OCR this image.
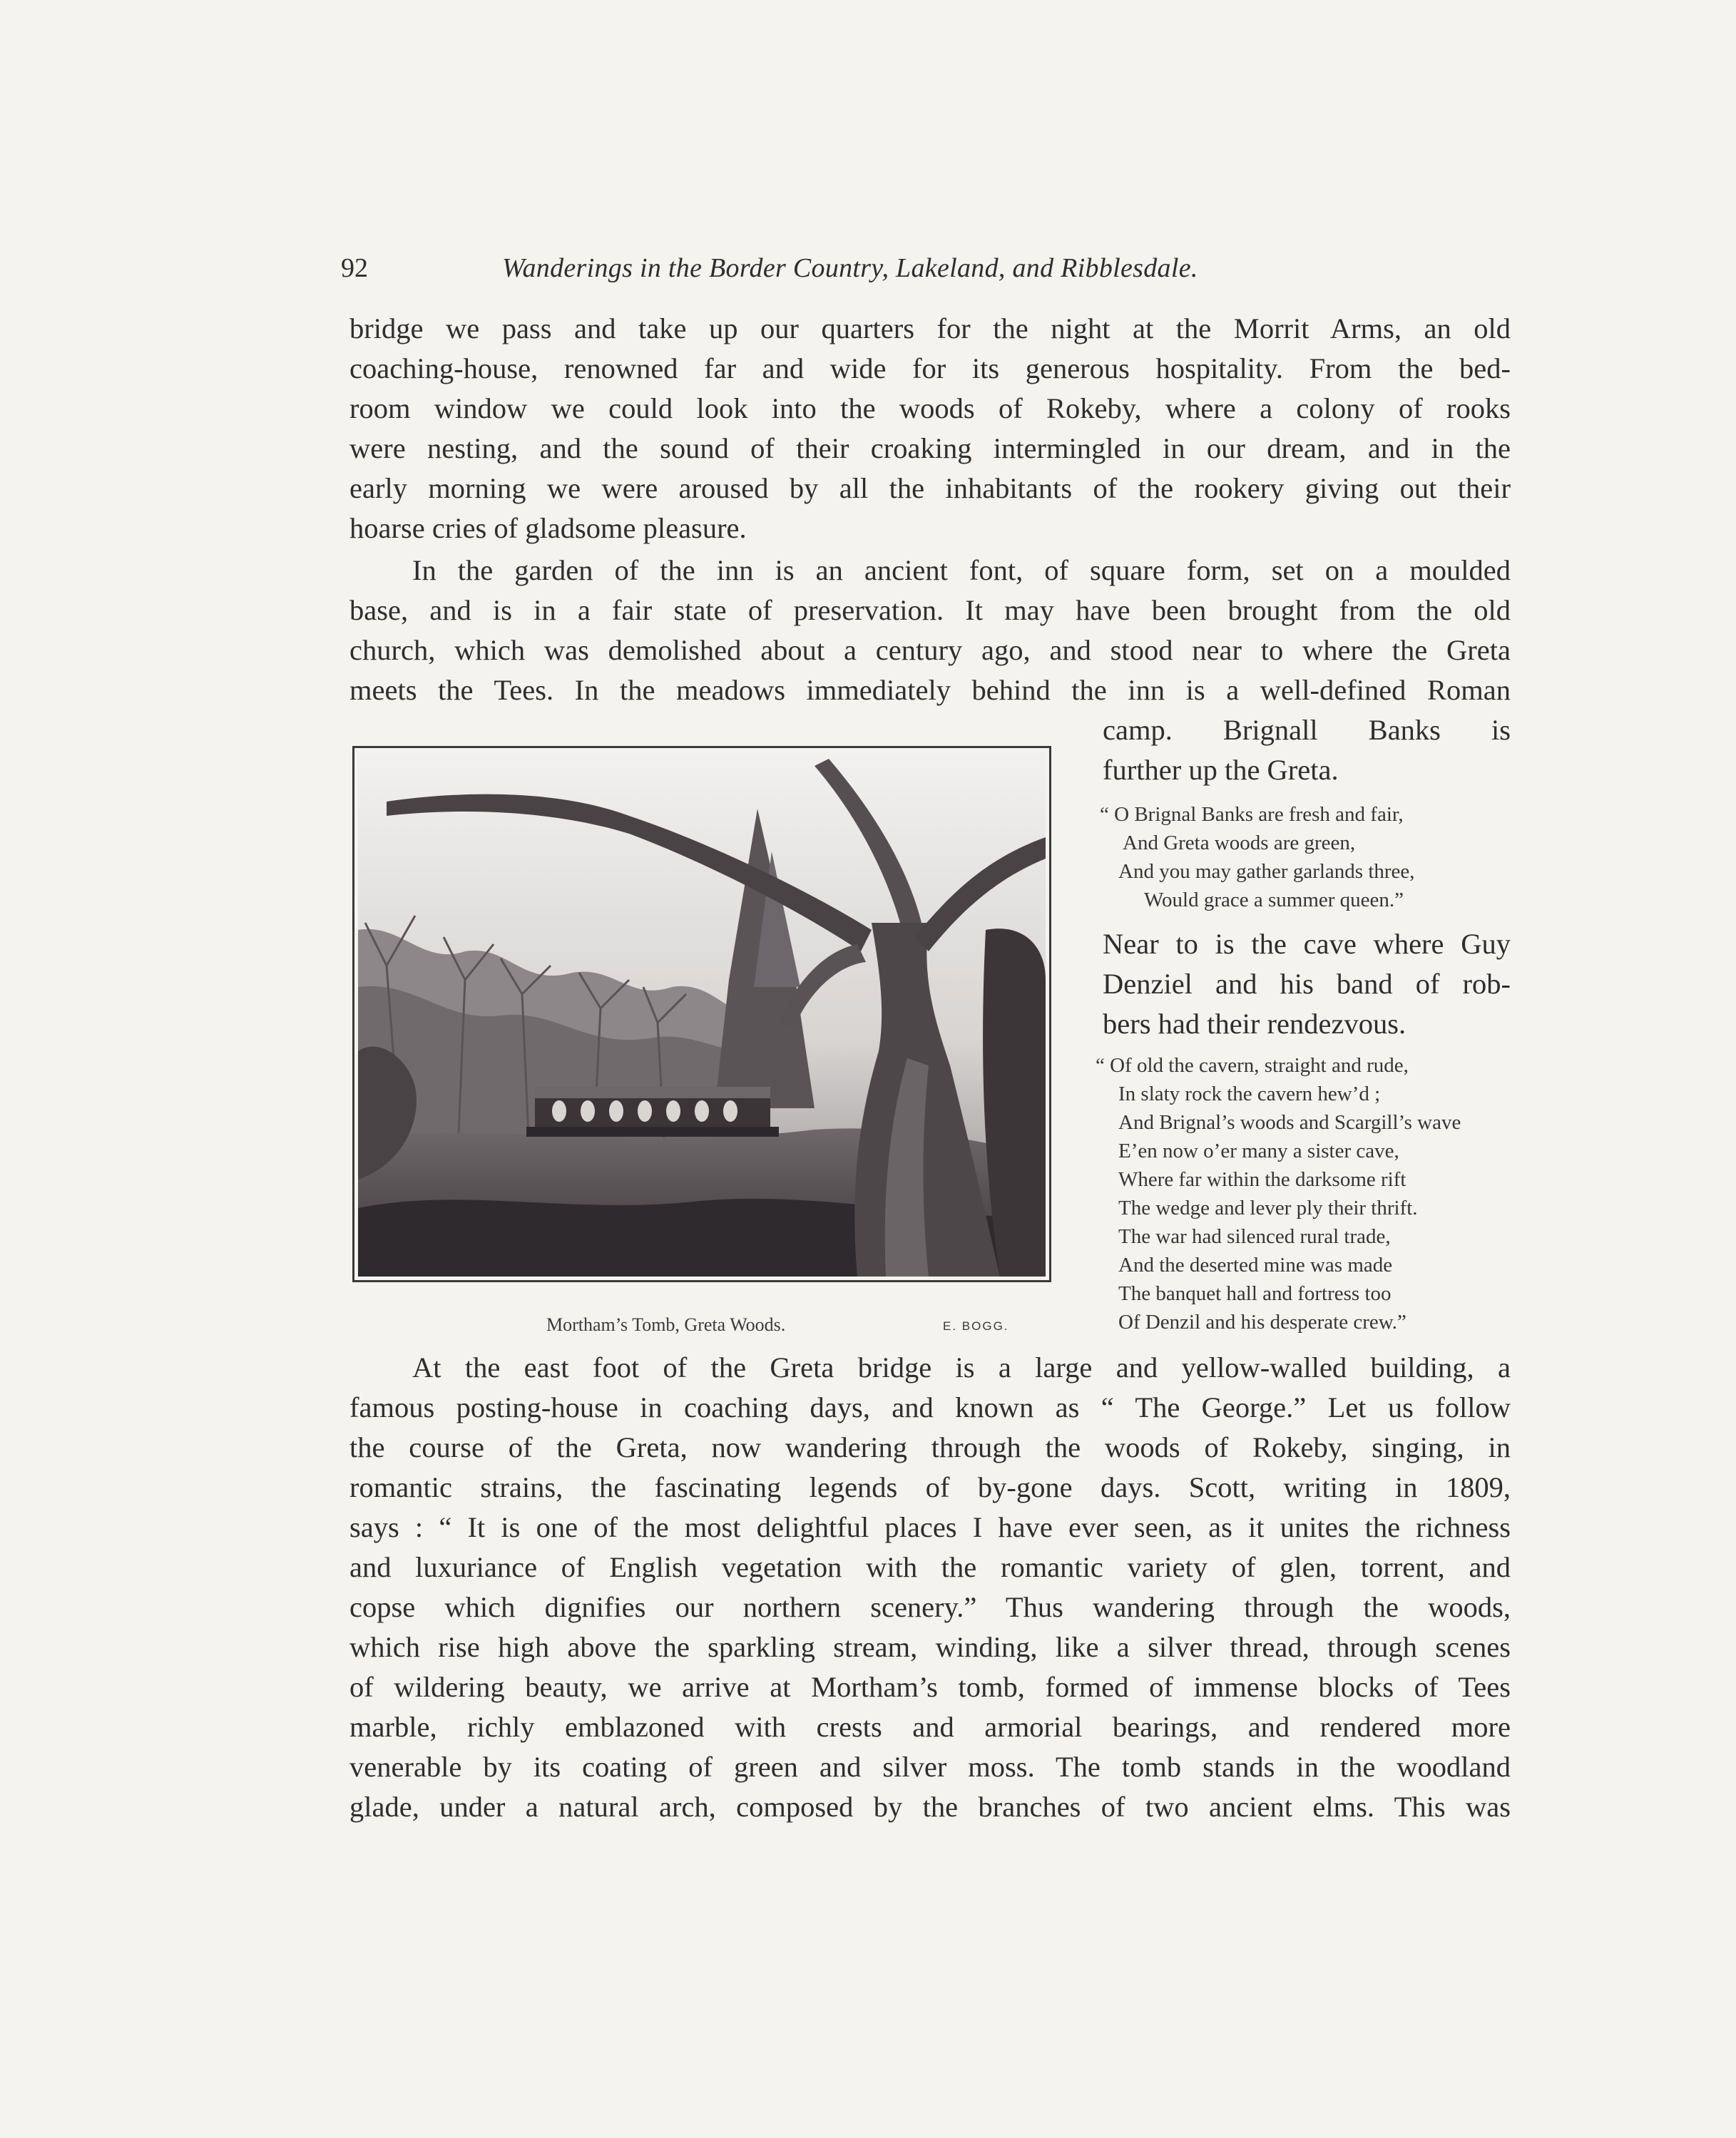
92	Wanderings in the Border Country, Lakeland, and Ribblesdale.
bridge we pass and take up our quarters for the night at the Morrit Arms, an old
coaching-house, renowned far and wide for its generous hospitality. From the bed-
room window we could look into the woods of Rokeby, where a colony of rooks
were nesting, and the sound of their croaking intermingled in our dream, and in the
early morning we were aroused by all the inhabitants of the rookery giving out their
hoarse cries of gladsome pleasure.
In the garden of the inn is an ancient font, of square form, set on a moulded
base, and is in a fair state of preservation. It may have been brought from the old
church, which was demolished about a century ago, and stood near to where the Greta
meets the Tees. In the meadows immediately behind the inn is a well-defined Roman
camp. Brignall Banks is
further up the Greta.
“ O Brignal Banks are fresh and fair,
And Greta woods are green,
And you may gather garlands three,
Would grace a summer queen.”
Near to is the cave where Guy
Denziel and his band of rob-
bers had their rendezvous.
“ Of old the cavern, straight and rude,
In slaty rock the cavern hew’d ;
And Brignal’s woods and Scargill’s wave
E’en now o’er many a sister cave,
Where far within the darksome rift
The wedge and lever ply their thrift.
The war had silenced rural trade,
And the deserted mine was made
The banquet hall and fortress too
Of Denzil and his desperate crew.”
Mortham’s Tomb, Greta Woods.	E. BOGG.
At the east foot of the Greta bridge is a large and yellow-walled building, a
famous posting-house in coaching days, and known as “ The George.” Let us follow
the course of the Greta, now wandering through the woods of Rokeby, singing, in
romantic strains, the fascinating legends of by-gone days. Scott, writing in 1809,
says : “ It is one of the most delightful places I have ever seen, as it unites the richness
and luxuriance of English vegetation with the romantic variety of glen, torrent, and
copse which dignifies our northern scenery.” Thus wandering through the woods,
which rise high above the sparkling stream, winding, like a silver thread, through scenes
of wildering beauty, we arrive at Mortham’s tomb, formed of immense blocks of Tees
marble, richly emblazoned with crests and armorial bearings, and rendered more
venerable by its coating of green and silver moss. The tomb stands in the woodland
glade, under a natural arch, composed by the branches of two ancient elms. This was
